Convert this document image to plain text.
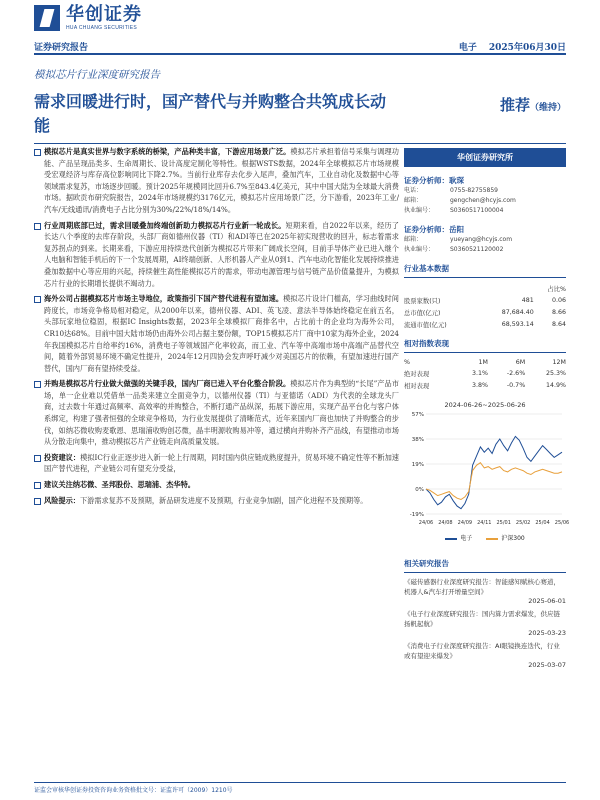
华创证券
HUA CHUANG SECURITIES
证券研究报告	电子 2025年06月30日
模拟芯片行业深度研究报告
需求回暖进行时，国产替代与并购整合共筑成长动能
推荐（维持）
模拟芯片是真实世界与数字系统的桥梁，产品种类丰富，下游应用场景广泛。模拟芯片承担着信号采集与调理功能、产品呈现品类多、生命周期长、设计高度定制化等特性。根据WSTS数据，2024年全球模拟芯片市场规模受宏观经济与库存高位影响同比下降2.7%。当前行业库存去化步入尾声，叠加汽车，工业自动化及数据中心等领域需求复苏，市场逐步回暖。预计2025年规模同比回升6.7%至843.4亿美元，其中中国大陆为全球最大消费市场。据欧贡布研究院报告，2024年市场规模约3176亿元，模拟芯片应用场景广泛，分下游看，2023年工业/汽车/无线通讯/消费电子占比分别为30%/22%/18%/14%。
行业周期底部已过，需求回暖叠加终端创新助力模拟芯片行业新一轮成长。短期来看，自2022年以来，经历了长达八个季度的去库存阶段，头部厂商如德州仪器（TI）和ADI等已在2025年初实现营收的回升，标志着需求复苏拐点的到来。长期来看，下游应用持续迭代创新为模拟芯片带来广阔成长空间，目前手导体产业已进入继个人电脑和智能手机后的下一个发展周期，AI终端创新、人形机器人产业从0到1、汽车电动化智能化发展持续推进叠加数据中心等应用的兴起，持续催生高性能模拟芯片的需求，带动电源管理与信号链产品价值量提升，为模拟芯片行业的长期增长提供不竭动力。
海外公司占据模拟芯片市场主导地位，政策指引下国产替代进程有望加速。模拟芯片设计门槛高，学习曲线时间跨度长，市场竞争格局相对稳定，从2000年以来，德州仪器、ADI、英飞凌、意法半导体始终稳定在前五名，头部玩家地位稳固，根据IC Insights数据，2023年全球模拟厂商排名中，占比前十的企业均为海外公司，CR10达68%。目前中国大陆市场仍由海外公司占据主要份额，TOP15模拟芯片厂商中10家为海外企业，2024年我国模拟芯片自给率约16%，消费电子等领域国产化率较高，而工业、汽车等中高端市场中高端产品替代空间，随着外部贸易环境不确定性提升，2024年12月四协会发声呼吁减少对美国芯片的依赖，有望加速进行国产替代，国内厂商有望持续受益。
并购是模拟芯片行业做大做强的关键手段，国内厂商已进入平台化整合阶段。模拟芯片作为典型的“长尾”产品市场，单一企业难以凭借单一品类来建立全面竞争力，以德州仪器（TI）与亚德诺（ADI）为代表的全球龙头厂商，过去数十年通过高频率、高效率的并购整合，不断打通产品纵深，拓展下游应用，实现产品平台化与客户体系绑定，构建了强者恒强的全球竞争格局，为行业发展提供了清晰范式，近年来国内厂商也加快了并购整合的步伐，如纳芯微收购麦歌恩、思瑞浦收购创芯微，晶丰明源收购易冲等，通过横向并购补齐产品线，有望推动市场从分散走向集中，推动模拟芯片产业链走向高质量发展。
投资建议：模拟IC行业正逐步进入新一轮上行周期，同时国内供应链成熟度提升，贸易环境不确定性等不断加速国产替代进程，产业链公司有望充分受益，
建议关注纳芯微、圣邦股份、思瑞浦、杰华特。
风险提示：下游需求复苏不及预期，新品研发进度不及预期，行业竞争加剧，国产化进程不及预期等。
华创证券研究所
证券分析师：耿琛
电话：	0755-82755859
邮箱：	gengchen@hcyjs.com
执业编号：	S0360517100004
证券分析师：岳阳
邮箱：	yueyang@hcyjs.com
执业编号：	S0360521120002
行业基本数据
		占比%
股票家数(只)	481	0.06
总市值(亿元)	87,684.40	8.66
流通市值(亿元)	68,593.14	8.64
相对指数表现
%	1M	6M	12M
绝对表现	3.1%	-2.6%	25.3%
相对表现	3.8%	-0.7%	14.9%
2024-06-26~2025-06-26
57%
38%
19%
0%
-19%
24/06 24/08 24/09 24/11 25/01 25/02 25/04 25/06
电子	沪深300
相关研究报告
《磁传感器行业深度研究报告：智能感知赋核心赛道，机器人&汽车打开增量空间》
2025-06-01
《电子行业深度研究报告：国内算力需求爆发，供应链扬帆起航》
2025-03-23
《消费电子行业深度研究报告：AI眼镜换连迭代，行业或有望迎来爆发》
2025-03-07
证监会审核华创证券投资咨询业务资格批文号：证监许可（2009）1210号
